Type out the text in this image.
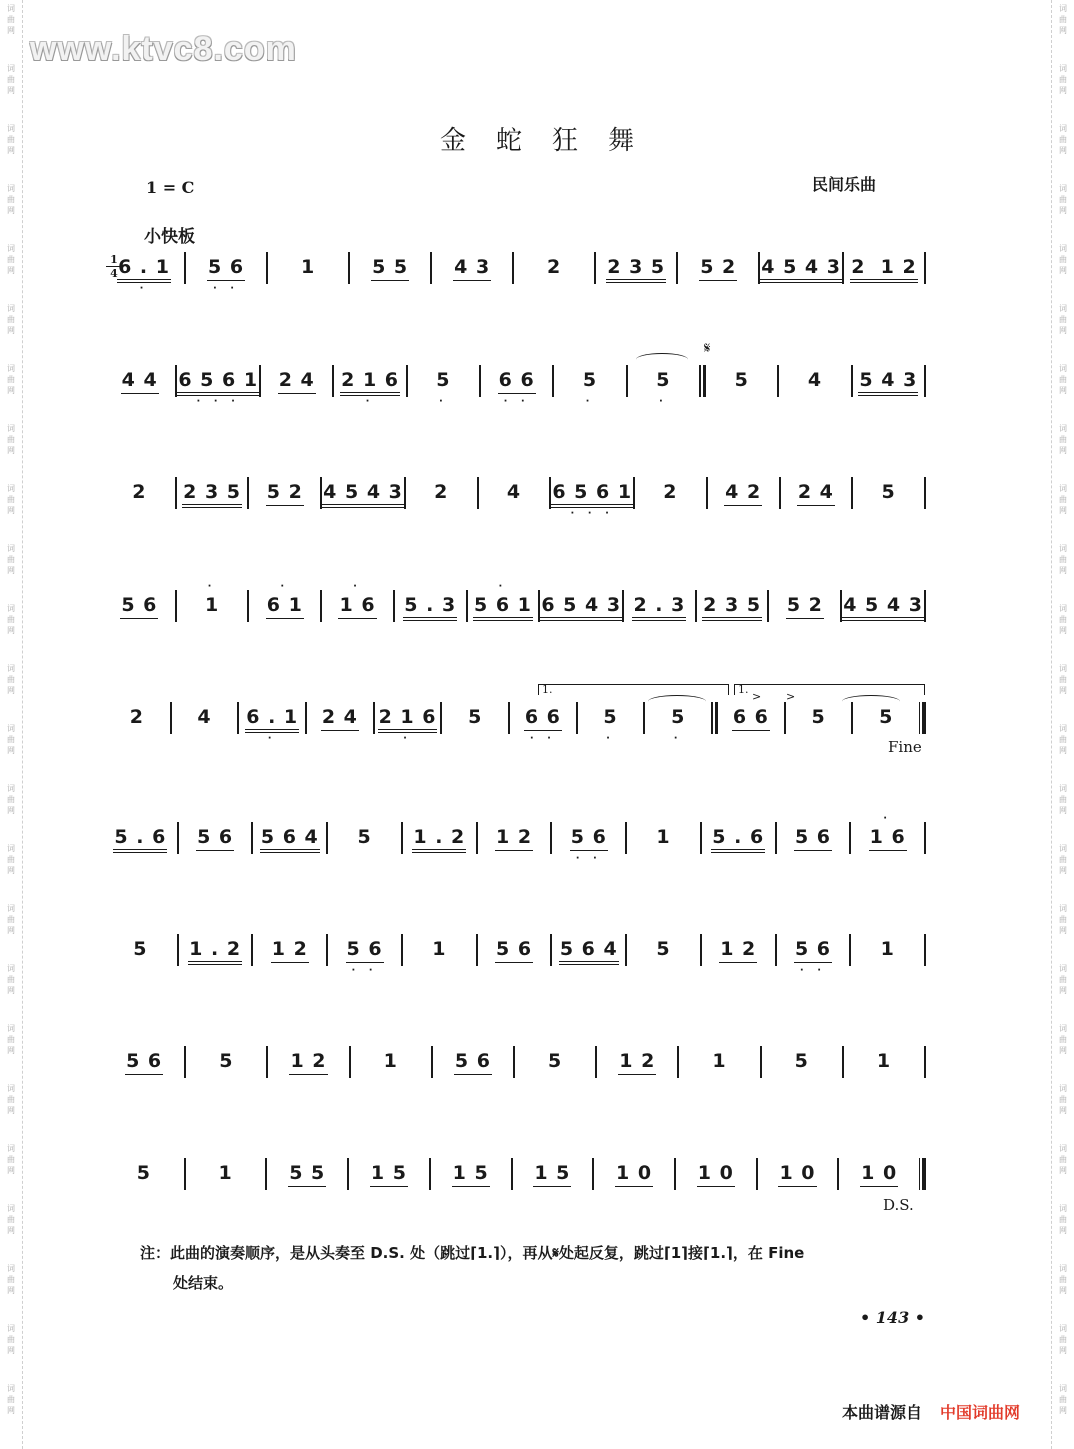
词
曲
网
词
曲
网
词
曲
网
词
曲
网
词
曲
网
词
曲
网
词
曲
网
词
曲
网
词
曲
网
词
曲
网
词
曲
网
词
曲
网
词
曲
网
词
曲
网
词
曲
网
词
曲
网
词
曲
网
词
曲
网
词
曲
网
词
曲
网
词
曲
网
词
曲
网
词
曲
网
词
曲
网
词
曲
网
词
曲
网
词
曲
网
词
曲
网
词
曲
网
词
曲
网
词
曲
网
词
曲
网
词
曲
网
词
曲
网
词
曲
网
词
曲
网
词
曲
网
词
曲
网
词
曲
网
词
曲
网
词
曲
网
词
曲
网
词
曲
网
词
曲
网
词
曲
网
词
曲
网
词
曲
网
词
曲
网
www.ktvc8.com
金蛇狂舞
1 = C	民间乐曲
小快板
$\frac{1}{4}$
6 . 1
·
5 6
· ·
1	5 5 4 3	2 2 3 5 5 2 4 5 4 3 2  1 2
4 4 6 5 6 1
· · ·
2 4 2 1 6
·
5
·
6 6
· ·
5
·
5
·
5	4 5 4 3
2 2 3 5 5 2 4 5 4 3 2	4 6 5 6 1
· · ·
2	4 2 2 4	5
5 6	1
·
6 1
·
1 6
·
5 . 3 5 6 1
·
6 5 4 3 2 . 3 2 3 5 5 2 4 5 4 3
2	4 6 . 1
·
2 4 2 1 6
·
5 6 6
· ·
5
·
5
·
6 6 5	5
5 . 6 5 6 5 6 4 5 1 . 2 1 2 5 6
· ·
1 5 . 6 5 6 1 6
·
5 1 . 2 1 2 5 6
· ·
1	5 6 5 6 4 5	1 2 5 6
· ·
1
5 6	5	1 2	1	5 6	5	1 2	1	5	1
5	1	5 5 1 5 1 5 1 5 1 0 1 0 1 0 1 0
𝄋
1.	1.
> >
Fine
D.S.
注：此曲的演奏顺序，是从头奏至 D.S. 处（跳过⌈1.⌉），再从𝄋处起反复，跳过⌈1⌉接⌈1.⌉，在 Fine
处结束。
• 143 •
本曲谱源自 中国词曲网
